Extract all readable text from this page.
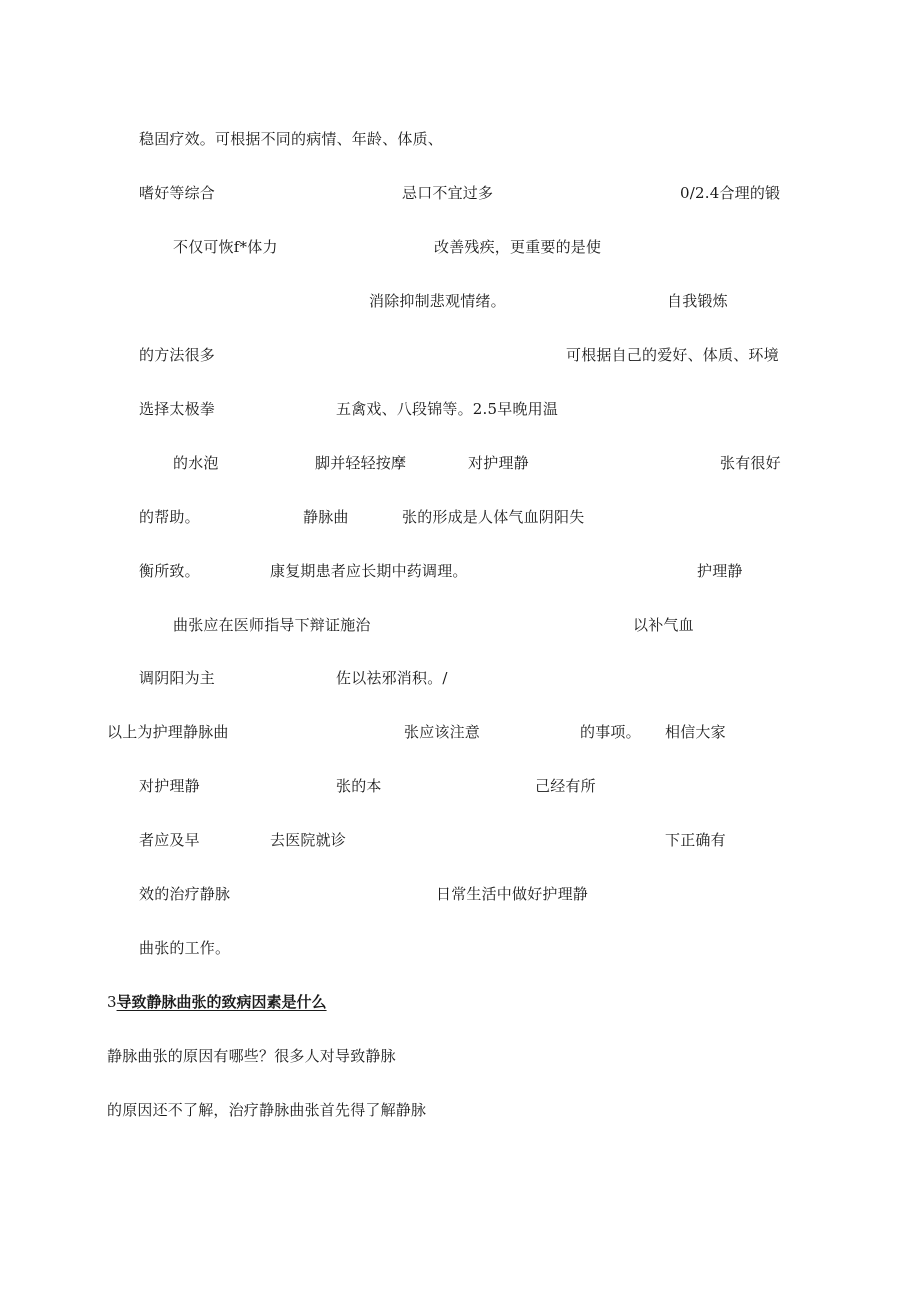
稳固疗效。可根据不同的病情、年龄、体质、
嗜好等综合	忌口不宜过多	0/2.4合理的锻
不仅可恢f*体力	改善残疾，更重要的是使
消除抑制悲观情绪。	自我锻炼
的方法很多	可根据自己的爱好、体质、环境
选择太极拳	五禽戏、八段锦等。2.5早晚用温
的水泡	脚并轻轻按摩	对护理静	张有很好
的帮助。	静脉曲	张的形成是人体气血阴阳失
衡所致。	康复期患者应长期中药调理。	护理静
曲张应在医师指导下辩证施治	以补气血
调阴阳为主	佐以祛邪消积。/
以上为护理静脉曲	张应该注意	的事项。 相信大家
对护理静	张的本	己经有所
者应及早	去医院就诊	下正确有
效的治疗静脉	日常生活中做好护理静
曲张的工作。
3导致静脉曲张的致病因素是什么
静脉曲张的原因有哪些？很多人对导致静脉
的原因还不了解，治疗静脉曲张首先得了解静脉
